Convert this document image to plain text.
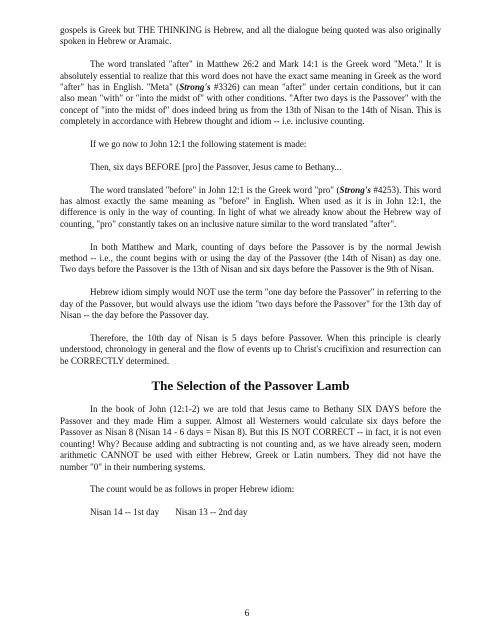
gospels is Greek but THE THINKING is Hebrew, and all the dialogue being quoted was also originally spoken in Hebrew or Aramaic.

The word translated "after" in Matthew 26:2 and Mark 14:1 is the Greek word "Meta." It is absolutely essential to realize that this word does not have the exact same meaning in Greek as the word "after" has in English. "Meta" (Strong's #3326) can mean "after" under certain conditions, but it can also mean "with" or "into the midst of" with other conditions. "After two days is the Passover" with the concept of "into the midst of" does indeed bring us from the 13th of Nisan to the 14th of Nisan. This is completely in accordance with Hebrew thought and idiom -- i.e. inclusive counting.

If we go now to John 12:1 the following statement is made:

Then, six days BEFORE [pro] the Passover, Jesus came to Bethany...

The word translated "before" in John 12:1 is the Greek word "pro" (Strong's #4253). This word has almost exactly the same meaning as "before" in English. When used as it is in John 12:1, the difference is only in the way of counting. In light of what we already know about the Hebrew way of counting, "pro" constantly takes on an inclusive nature similar to the word translated "after".

In both Matthew and Mark, counting of days before the Passover is by the normal Jewish method -- i.e., the count begins with or using the day of the Passover (the 14th of Nisan) as day one. Two days before the Passover is the 13th of Nisan and six days before the Passover is the 9th of Nisan.

Hebrew idiom simply would NOT use the term "one day before the Passover" in referring to the day of the Passover, but would always use the idiom "two days before the Passover" for the 13th day of Nisan -- the day before the Passover day.

Therefore, the 10th day of Nisan is 5 days before Passover. When this principle is clearly understood, chronology in general and the flow of events up to Christ's crucifixion and resurrection can be CORRECTLY determined.

The Selection of the Passover Lamb

In the book of John (12:1-2) we are told that Jesus came to Bethany SIX DAYS before the Passover and they made Him a supper. Almost all Westerners would calculate six days before the Passover as Nisan 8 (Nisan 14 - 6 days = Nisan 8). But this IS NOT CORRECT -- in fact, it is not even counting! Why? Because adding and subtracting is not counting and, as we have already seen, modern arithmetic CANNOT be used with either Hebrew, Greek or Latin numbers. They did not have the number "0" in their numbering systems.

The count would be as follows in proper Hebrew idiom:

Nisan 14 -- 1st day Nisan 13 -- 2nd day
6
